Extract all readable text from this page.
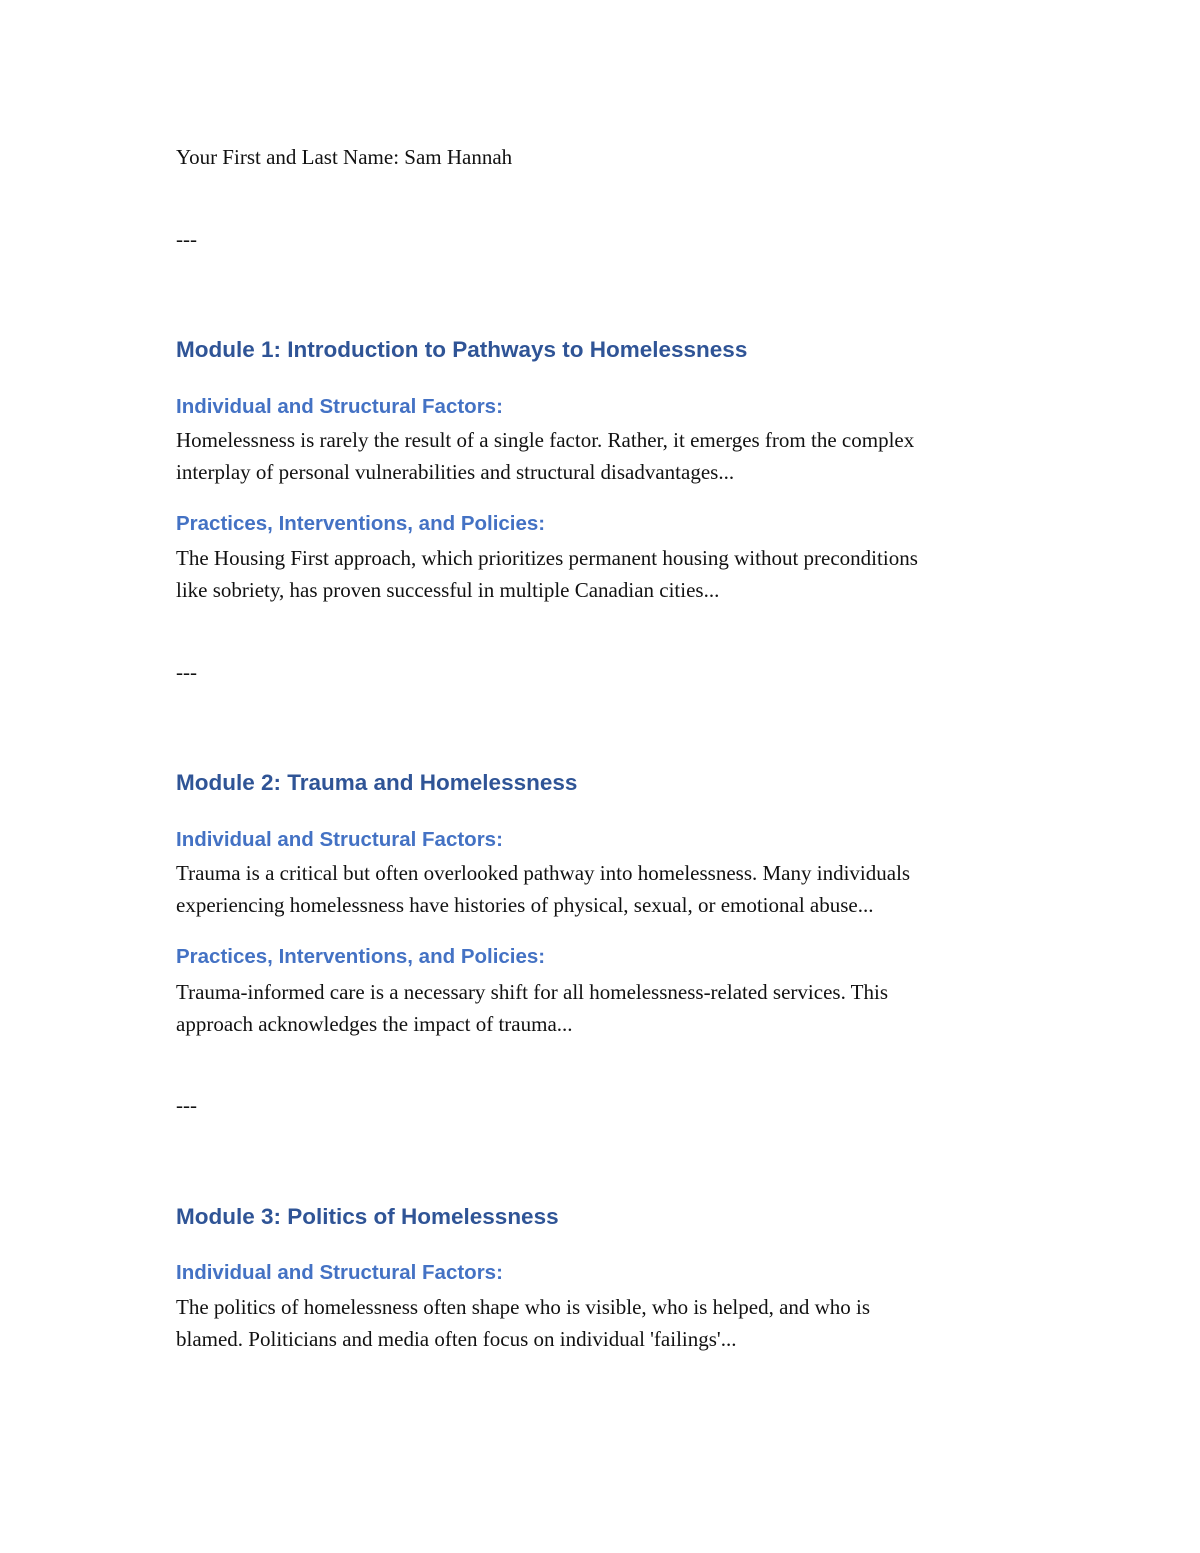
Your First and Last Name: Sam Hannah
---
Module 1: Introduction to Pathways to Homelessness
Individual and Structural Factors:
Homelessness is rarely the result of a single factor. Rather, it emerges from the complex
interplay of personal vulnerabilities and structural disadvantages...
Practices, Interventions, and Policies:
The Housing First approach, which prioritizes permanent housing without preconditions
like sobriety, has proven successful in multiple Canadian cities...
---
Module 2: Trauma and Homelessness
Individual and Structural Factors:
Trauma is a critical but often overlooked pathway into homelessness. Many individuals
experiencing homelessness have histories of physical, sexual, or emotional abuse...
Practices, Interventions, and Policies:
Trauma-informed care is a necessary shift for all homelessness-related services. This
approach acknowledges the impact of trauma...
---
Module 3: Politics of Homelessness
Individual and Structural Factors:
The politics of homelessness often shape who is visible, who is helped, and who is
blamed. Politicians and media often focus on individual 'failings'...
